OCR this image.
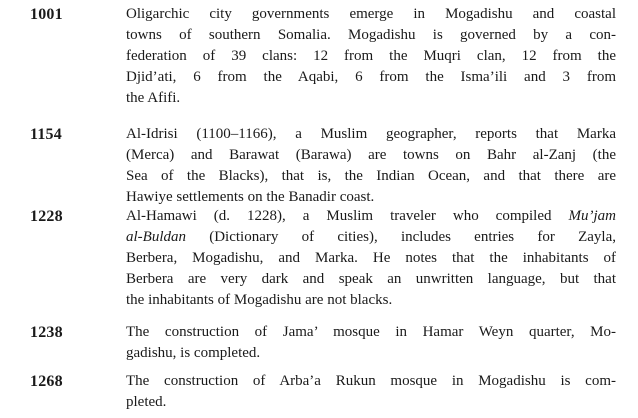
1001	Oligarchic city governments emerge in Mogadishu and coastal
towns of southern Somalia. Mogadishu is governed by a con-
federation of 39 clans: 12 from the Muqri clan, 12 from the
Djid’ati, 6 from the Aqabi, 6 from the Isma’ili and 3 from
the Afifi.
1154	Al-Idrisi (1100–1166), a Muslim geographer, reports that Marka
(Merca) and Barawat (Barawa) are towns on Bahr al-Zanj (the
Sea of the Blacks), that is, the Indian Ocean, and that there are
Hawiye settlements on the Banadir coast.
1228	Al-Hamawi (d. 1228), a Muslim traveler who compiled Mu’jam
al-Buldan (Dictionary of cities), includes entries for Zayla,
Berbera, Mogadishu, and Marka. He notes that the inhabitants of
Berbera are very dark and speak an unwritten language, but that
the inhabitants of Mogadishu are not blacks.
1238	The construction of Jama’ mosque in Hamar Weyn quarter, Mo-
gadishu, is completed.
1268	The construction of Arba’a Rukun mosque in Mogadishu is com-
pleted.
